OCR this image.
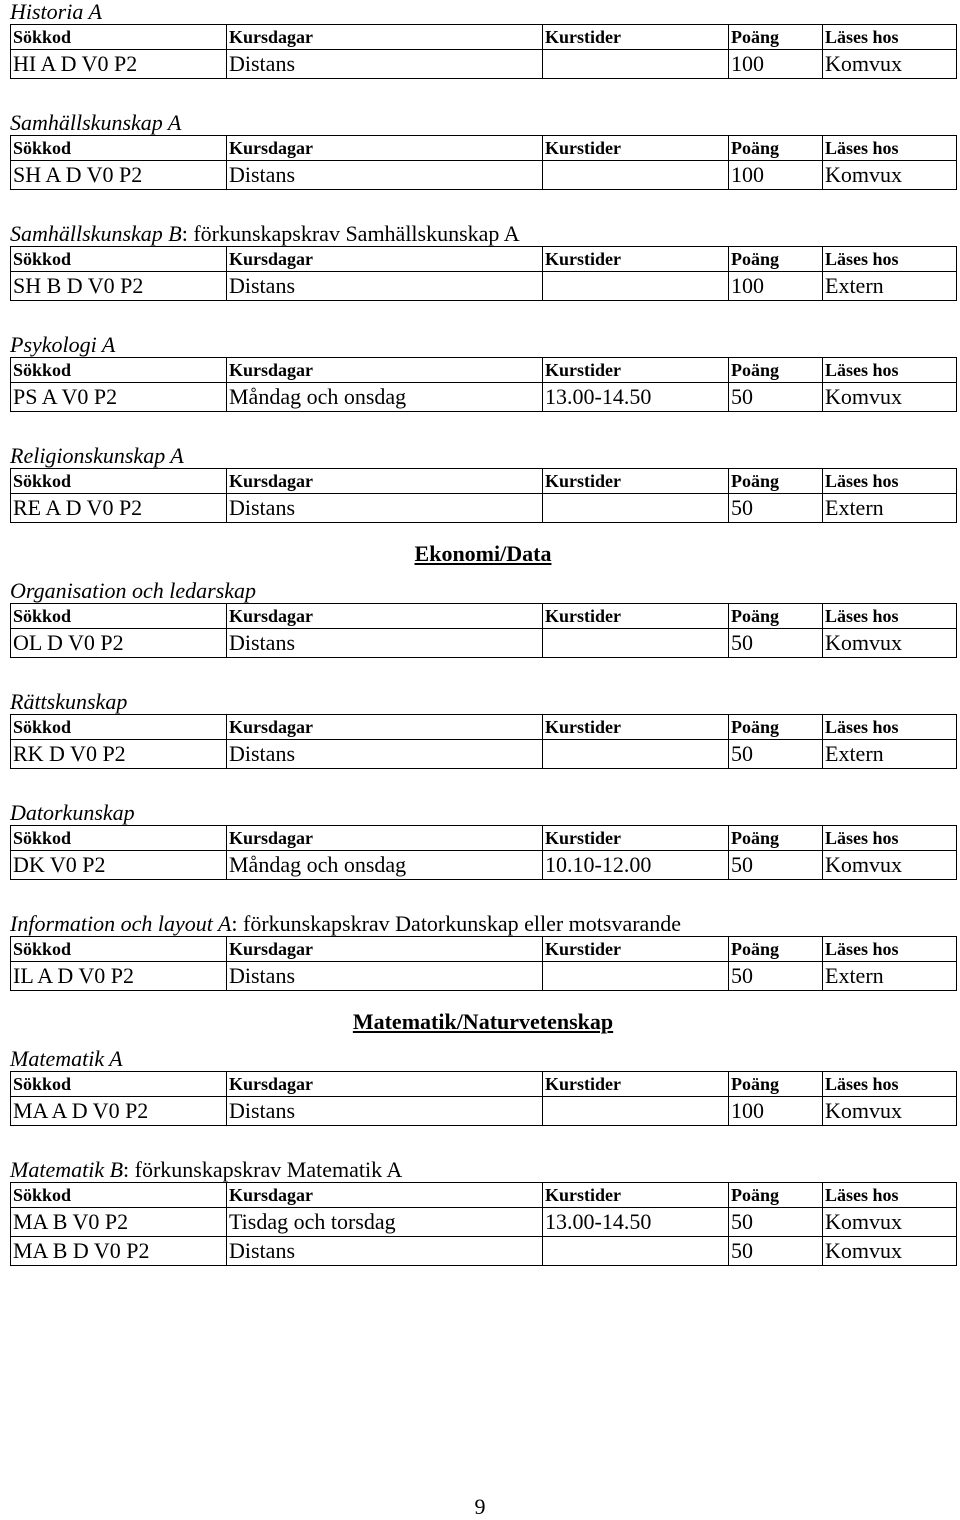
Historia A
Sökkod	Kursdagar	Kurstider	Poäng	Läses hos
HI A D V0 P2	Distans		100	Komvux
Samhällskunskap A
Sökkod	Kursdagar	Kurstider	Poäng	Läses hos
SH A D V0 P2	Distans		100	Komvux
Samhällskunskap B: förkunskapskrav Samhällskunskap A
Sökkod	Kursdagar	Kurstider	Poäng	Läses hos
SH B D V0 P2	Distans		100	Extern
Psykologi A
Sökkod	Kursdagar	Kurstider	Poäng	Läses hos
PS A V0 P2	Måndag och onsdag	13.00-14.50	50	Komvux
Religionskunskap A
Sökkod	Kursdagar	Kurstider	Poäng	Läses hos
RE A D V0 P2	Distans		50	Extern
Ekonomi/Data
Organisation och ledarskap
Sökkod	Kursdagar	Kurstider	Poäng	Läses hos
OL D V0 P2	Distans		50	Komvux
Rättskunskap
Sökkod	Kursdagar	Kurstider	Poäng	Läses hos
RK D V0 P2	Distans		50	Extern
Datorkunskap
Sökkod	Kursdagar	Kurstider	Poäng	Läses hos
DK V0 P2	Måndag och onsdag	10.10-12.00	50	Komvux
Information och layout A: förkunskapskrav Datorkunskap eller motsvarande
Sökkod	Kursdagar	Kurstider	Poäng	Läses hos
IL A D V0 P2	Distans		50	Extern
Matematik/Naturvetenskap
Matematik A
Sökkod	Kursdagar	Kurstider	Poäng	Läses hos
MA A D V0 P2	Distans		100	Komvux
Matematik B: förkunskapskrav Matematik A
Sökkod	Kursdagar	Kurstider	Poäng	Läses hos
MA B V0 P2	Tisdag och torsdag	13.00-14.50	50	Komvux
MA B D V0 P2	Distans		50	Komvux
9
